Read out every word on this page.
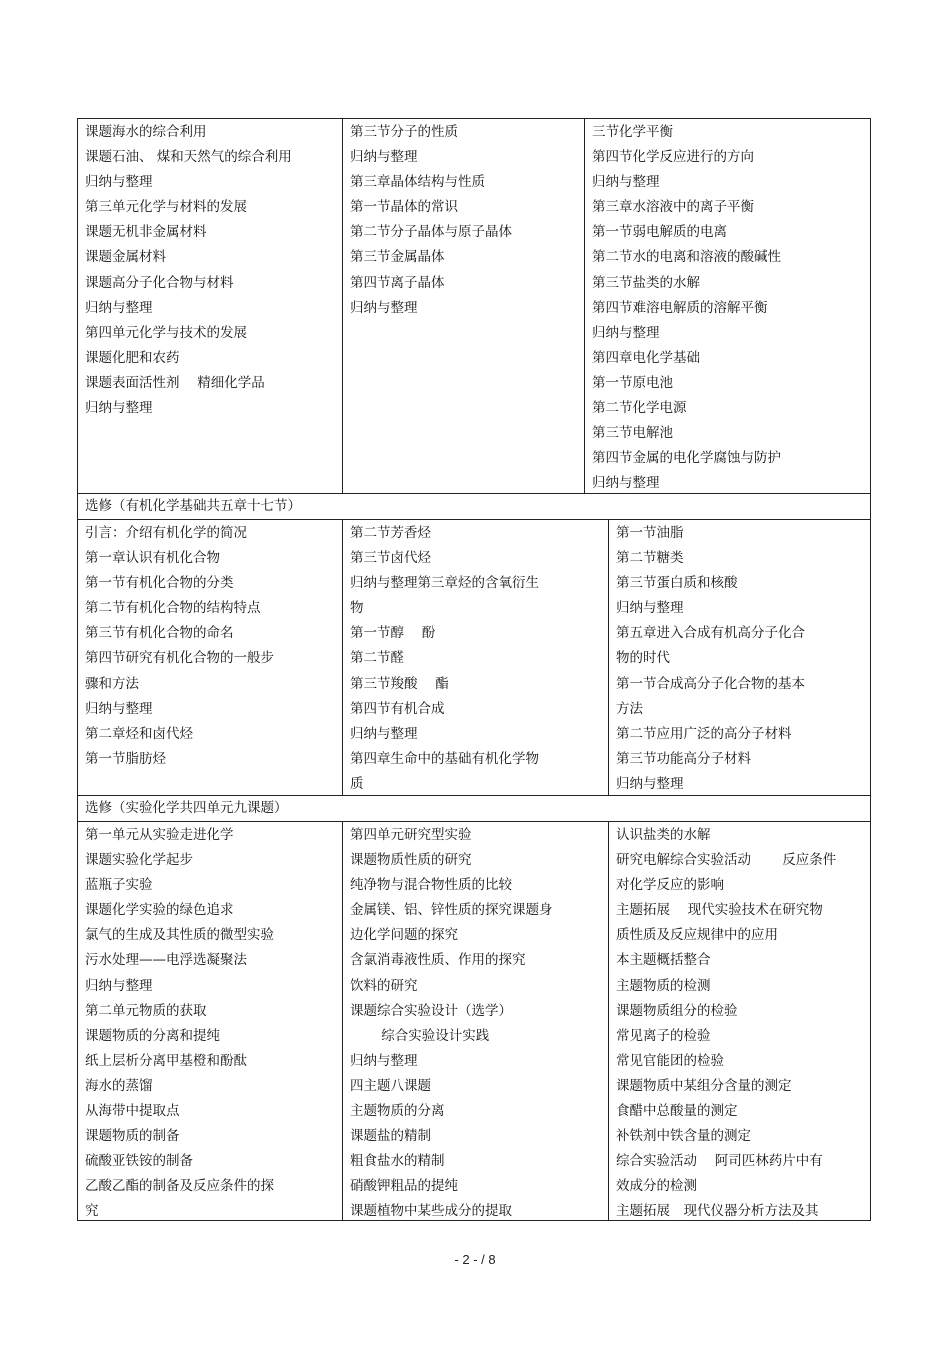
课题海水的综合利用
课题石油、 煤和天然气的综合利用
归纳与整理
第三单元化学与材料的发展
课题无机非金属材料
课题金属材料
课题高分子化合物与材料
归纳与整理
第四单元化学与技术的发展
课题化肥和农药
课题表面活性剂　 精细化学品
归纳与整理
第三节分子的性质
归纳与整理
第三章晶体结构与性质
第一节晶体的常识
第二节分子晶体与原子晶体
第三节金属晶体
第四节离子晶体
归纳与整理
三节化学平衡
第四节化学反应进行的方向
归纳与整理
第三章水溶液中的离子平衡
第一节弱电解质的电离
第二节水的电离和溶液的酸碱性
第三节盐类的水解
第四节难溶电解质的溶解平衡
归纳与整理
第四章电化学基础
第一节原电池
第二节化学电源
第三节电解池
第四节金属的电化学腐蚀与防护
归纳与整理
选修（有机化学基础共五章十七节）
引言：介绍有机化学的简况
第一章认识有机化合物
第一节有机化合物的分类
第二节有机化合物的结构特点
第三节有机化合物的命名
第四节研究有机化合物的一般步
骤和方法
归纳与整理
第二章烃和卤代烃
第一节脂肪烃
第二节芳香烃
第三节卤代烃
归纳与整理第三章烃的含氧衍生
物
第一节醇　 酚
第二节醛
第三节羧酸　 酯
第四节有机合成
归纳与整理
第四章生命中的基础有机化学物
质
第一节油脂
第二节糖类
第三节蛋白质和核酸
归纳与整理
第五章进入合成有机高分子化合
物的时代
第一节合成高分子化合物的基本
方法
第二节应用广泛的高分子材料
第三节功能高分子材料
归纳与整理
选修（实验化学共四单元九课题）
第一单元从实验走进化学
课题实验化学起步
蓝瓶子实验
课题化学实验的绿色追求
氯气的生成及其性质的微型实验
污水处理——电浮选凝聚法
归纳与整理
第二单元物质的获取
课题物质的分离和提纯
纸上层析分离甲基橙和酚酞
海水的蒸馏
从海带中提取点
课题物质的制备
硫酸亚铁铵的制备
乙酸乙酯的制备及反应条件的探
究
第四单元研究型实验
课题物质性质的研究
纯净物与混合物性质的比较
金属镁、铝、锌性质的探究课题身
边化学问题的探究
含氯消毒液性质、作用的探究
饮料的研究
课题综合实验设计（选学）
　　 综合实验设计实践
归纳与整理
四主题八课题
主题物质的分离
课题盐的精制
粗食盐水的精制
硝酸钾粗品的提纯
课题植物中某些成分的提取
认识盐类的水解
研究电解综合实验活动　　 反应条件
对化学反应的影响
主题拓展　 现代实验技术在研究物
质性质及反应规律中的应用
本主题概括整合
主题物质的检测
课题物质组分的检验
常见离子的检验
常见官能团的检验
课题物质中某组分含量的测定
食醋中总酸量的测定
补铁剂中铁含量的测定
综合实验活动　 阿司匹林药片中有
效成分的检测
主题拓展　现代仪器分析方法及其
- 2 - / 8
